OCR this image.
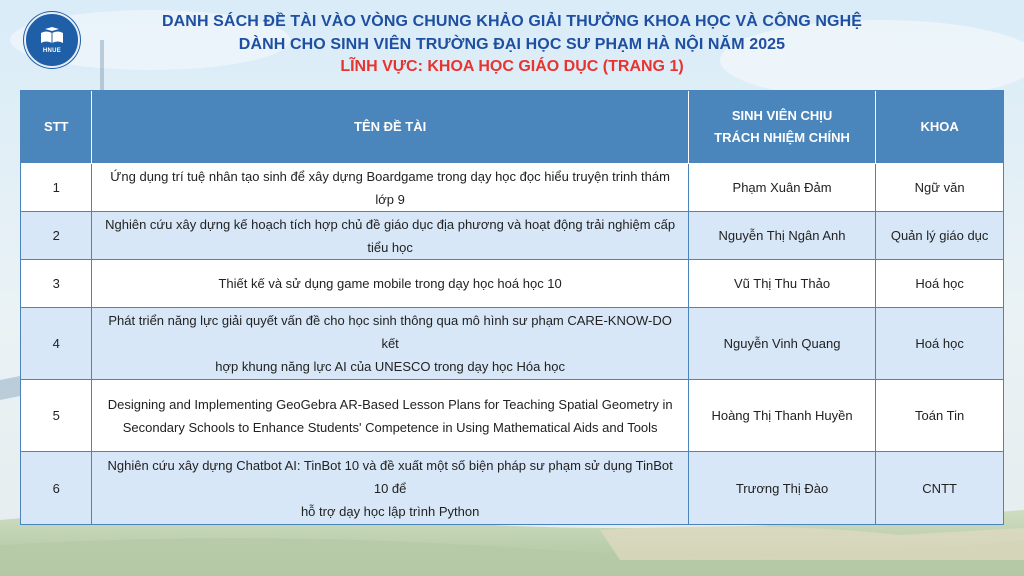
HNUE
DANH SÁCH ĐỀ TÀI VÀO VÒNG CHUNG KHẢO GIẢI THƯỞNG KHOA HỌC VÀ CÔNG NGHỆ
DÀNH CHO SINH VIÊN TRƯỜNG ĐẠI HỌC SƯ PHẠM HÀ NỘI NĂM 2025
LĨNH VỰC: KHOA HỌC GIÁO DỤC (TRANG 1)
STT	TÊN ĐỀ TÀI	SINH VIÊN CHỊU
TRÁCH NHIỆM CHÍNH	KHOA
1	Ứng dụng trí tuệ nhân tạo sinh để xây dựng Boardgame trong dạy học đọc hiểu truyện trinh thám lớp 9	Phạm Xuân Đảm	Ngữ văn
2	Nghiên cứu xây dựng kế hoạch tích hợp chủ đề giáo dục địa phương và hoạt động trải nghiệm cấp tiểu học	Nguyễn Thị Ngân Anh	Quản lý giáo dục
3	Thiết kế và sử dụng game mobile trong dạy học hoá học 10	Vũ Thị Thu Thảo	Hoá học
4	Phát triển năng lực giải quyết vấn đề cho học sinh thông qua mô hình sư phạm CARE-KNOW-DO kết
hợp khung năng lực AI của UNESCO trong dạy học Hóa học	Nguyễn Vinh Quang	Hoá học
5	Designing and Implementing GeoGebra AR-Based Lesson Plans for Teaching Spatial Geometry in
Secondary Schools to Enhance Students' Competence in Using Mathematical Aids and Tools	Hoàng Thị Thanh Huyền	Toán Tin
6	Nghiên cứu xây dựng Chatbot AI: TinBot 10 và đề xuất một số biện pháp sư phạm sử dụng TinBot 10 để
hỗ trợ dạy học lập trình Python	Trương Thị Đào	CNTT
